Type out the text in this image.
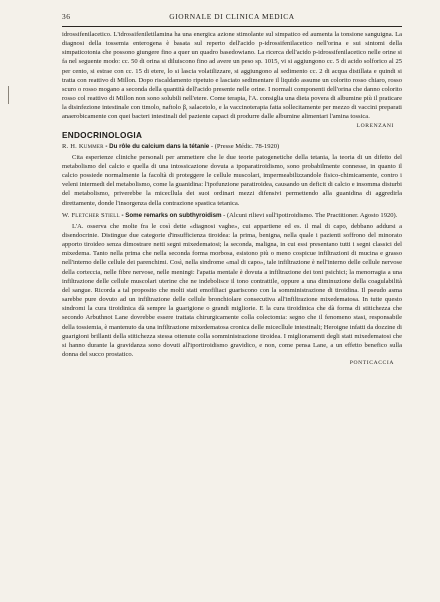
36	GIORNALE DI CLINICA MEDICA

idrossifenilacetico. L'idrossifeniletilamina ha una energica azione stimolante sul simpatico ed aumenta la tonsione sanguigna. La diagnosi della tossemia enterogena è basata sul reperto dell'acido p-idrossifenilacetico nell'orina e sui sintomi della simpaticotonia che possono giungere fino a quer un quadro basedowiano. La ricerca dell'acido p-idrossifenilacetico nelle orine si fa nel seguente modo: cc. 50 di orina si diluiscono fino ad avere un peso sp. 1015, vi si aggiungono cc. 5 di acido solforico al 25 per cento, si estrae con cc. 15 di etere, lo si lascia volatilizzare, si aggiungono al sedimento cc. 2 di acqua distillata e quindi si tratta con reattivo di Millon. Dopo riscaldamento ripetuto e lasciato sedimentare il liquido assume un colorito rosso chiaro, rosso scuro o rosso mogano a seconda della quantità dell'acido presente nelle orine. I normali componenti dell'orina che danno colorito rosso col reattivo di Millon non sono solubili nell'etere. Come terapia, l'A. consiglia una dieta povera di albumine più il praticare la disinfezione intestinale con timolo, naftolo β, salacetolo, e la vaccinoterapia fatta sollecitamente per mezzo di vaccini preparati anaerobicamente con quei bacteri intestinali del paziente capaci di produrre dalle albumine alimentari l'amina tossica.

LORENZANI
ENDOCRINOLOGIA

R. H. Kummer - Du rôle du calcium dans la tétanie - (Presse Médic. 78-1920)

Cita esperienze cliniche personali per ammettere che le due teorie patogenetiche della tetania, la teoria di un difetto del metabolismo del calcio e quella di una intossicazione dovuta a ipoparatiroidismo, sono probabilmente connesse, in quanto il calcio possiede normalmente la facoltà di proteggere le cellule muscolari, impermeabilizzandole fisico-chimicamente, contro i veleni intermedi del metabolismo, come la guanidina: l'ipofunzione paratiroidea, causando un deficit di calcio e insomma disturbi del metabolismo, priverebbe la micecllula dei suoi ordinari mezzi difensivi permettendo alla guanidina di aggredirla direttamente, donde l'insorgenza della contrazione spastica tetanica.

W. Fletcher Stiell - Some remarks on subthyroidism - (Alcuni rilievi sull'ipotiroidismo. The Practitioner. Agosto 1920).

L'A. osserva che molte fra le così dette «diagnosi vaghe», cui appartiene ed es. il mal di capo, debbano addursi a disendocrinie. Distingue due categorie d'insufficienza tiroidea: la prima, benigna, nella quale i pazienti soffrono del minorato apporto tiroideo senza dimostrare netti segni mixedematosi; la seconda, maligna, in cui essi presentano tutti i segni classici del mixedema. Tanto nella prima che nella seconda forma morbosa, esistono più o meno cospicue infiltrazioni di mucina e grasso nell'interno delle cellule dei parenchimi. Così, nella sindrome «mal di capo», tale infiltrazione è nell'interno delle cellule nervose della corteccia, nelle fibre nervose, nelle meningi: l'apatia mentale è dovuta a infiltrazione dei toni psichici; la menorragia a una infiltrazione delle cellule muscolari uterine che ne indebolisce il tono contrattile, oppure a una diminuzione della coagulabilità del sangue. Ricorda a tal proposito che molti stati emofiliaci guariscono con la somministrazione di tiroidina. Il pseudo asma sarebbe pure dovuto ad un infiltrazione delle cellule bronchiolare consecutiva all'infiltrazione mixedematosa. In tutte questo sindromi la cura tiroidinica dà sempre la guarigione o grandi migliorie. E la cura tiroidinica che dà forma di stitichezza che secondo Arbuthnot Lane dovrebbe essere trattata chirurgicamente colla colectomia: segno che il fenomeno stasi, responsabile della tossiemia, è mantenuto da una infiltrazione mixedematosa cronica delle micecllule intestinali; Heroigne infatti da dozzine di guarigioni brillanti della stitichezza stessa ottenute colla somministrazione tiroidea. I miglioramenti degli stati mixedematosi che si hanno durante la gravidanza sono dovuti all'iportiroidismo gravidico, e non, come pensa Lane, a un effetto benefico sulla donna del succo prostatico.

PONTICACCIA
